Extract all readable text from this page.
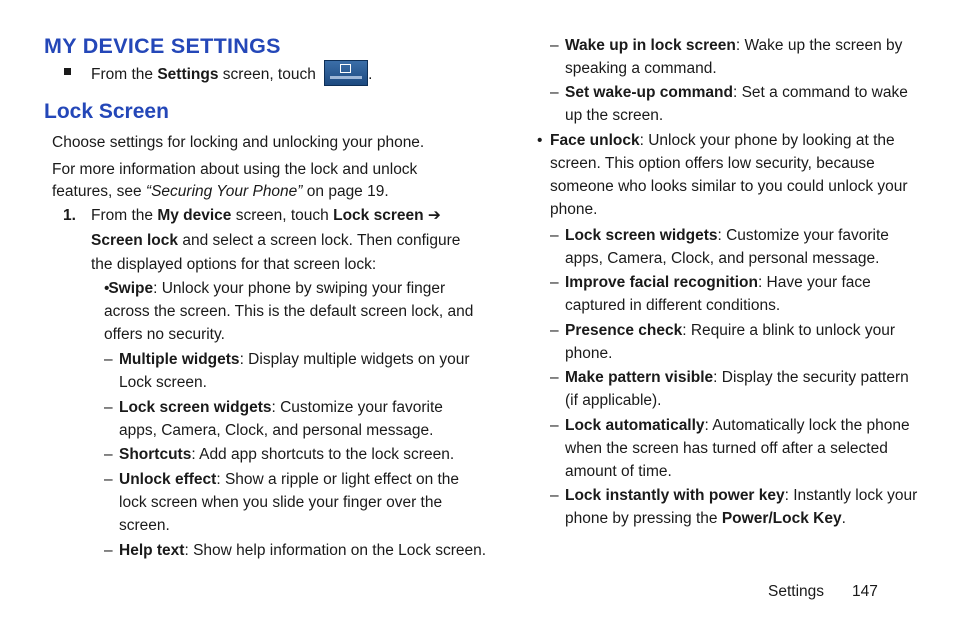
MY DEVICE SETTINGS
From the Settings screen, touch	.
Lock Screen
Choose settings for locking and unlocking your phone.
For more information about using the lock and unlock
features, see “Securing Your Phone” on page 19.
1. From the My device screen, touch Lock screen ➔
Screen lock and select a screen lock. Then configure
the displayed options for that screen lock:
•
Swipe: Unlock your phone by swiping your finger
across the screen. This is the default screen lock, and
offers no security.
– Multiple widgets: Display multiple widgets on your
Lock screen.
– Lock screen widgets: Customize your favorite
apps, Camera, Clock, and personal message.
– Shortcuts: Add app shortcuts to the lock screen.
– Unlock effect: Show a ripple or light effect on the
lock screen when you slide your finger over the
screen.
– Help text: Show help information on the Lock screen.
– Wake up in lock screen: Wake up the screen by
speaking a command.
– Set wake-up command: Set a command to wake
up the screen.
• Face unlock: Unlock your phone by looking at the
screen. This option offers low security, because
someone who looks similar to you could unlock your
phone.
– Lock screen widgets: Customize your favorite
apps, Camera, Clock, and personal message.
– Improve facial recognition: Have your face
captured in different conditions.
– Presence check: Require a blink to unlock your
phone.
– Make pattern visible: Display the security pattern
(if applicable).
– Lock automatically: Automatically lock the phone
when the screen has turned off after a selected
amount of time.
– Lock instantly with power key: Instantly lock your
phone by pressing the Power/Lock Key.
Settings 147
